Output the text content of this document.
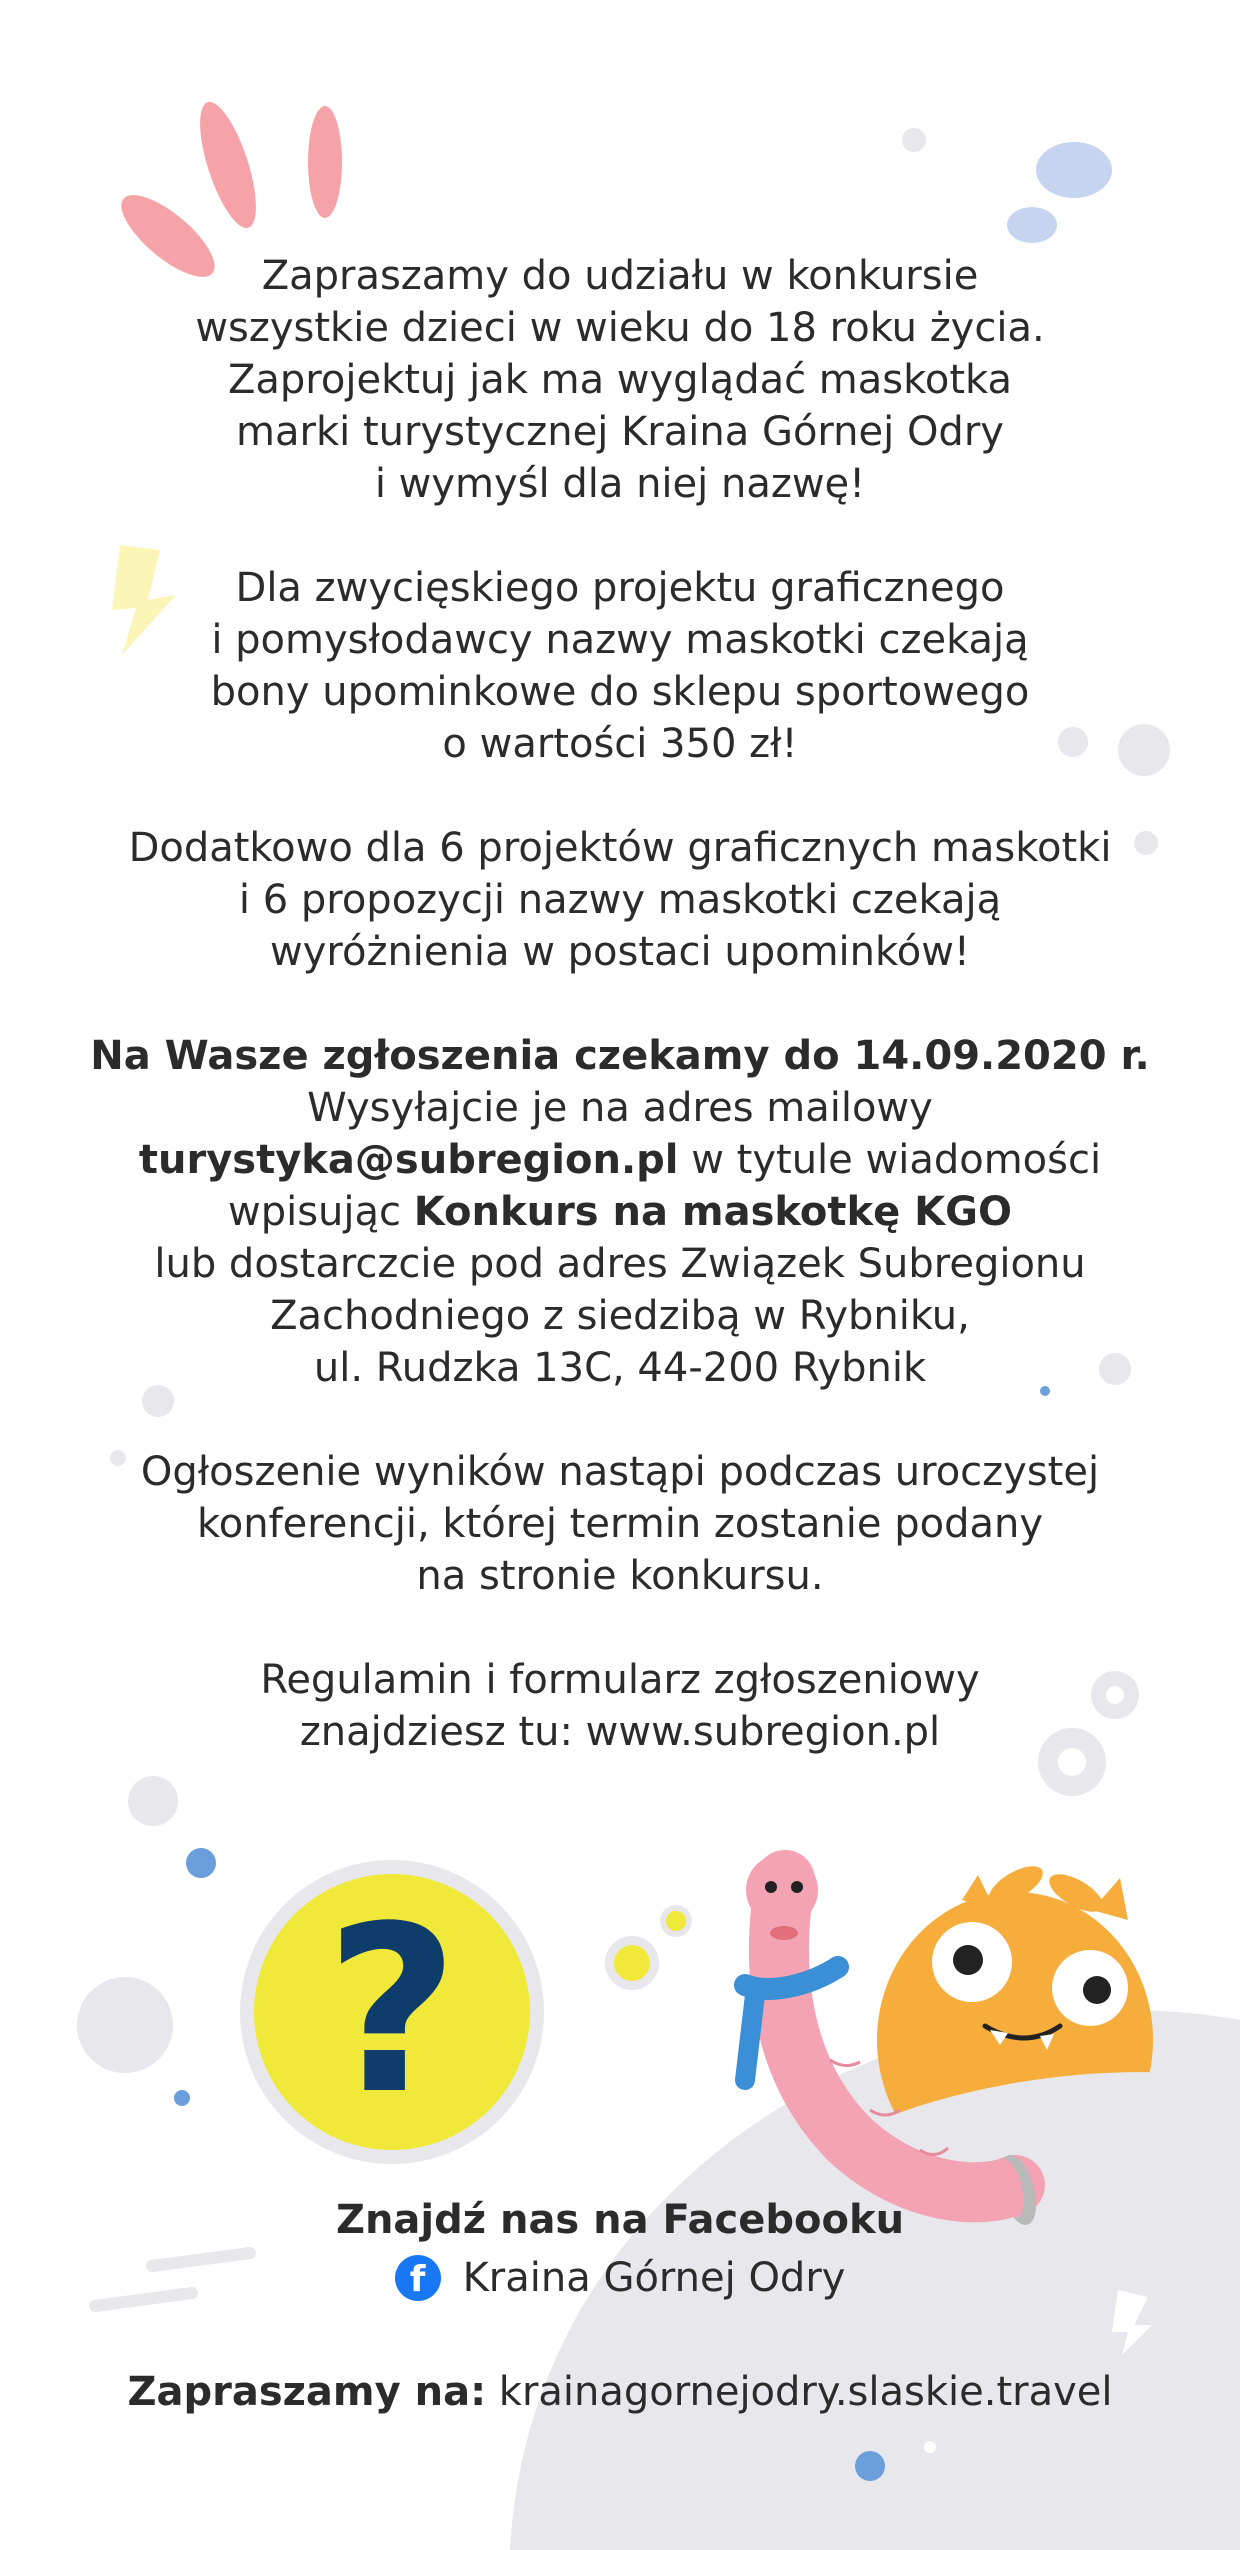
?

Zapraszamy do udziału w konkursie

wszystkie dzieci w wieku do 18 roku życia.

Zaprojektuj jak ma wyglądać maskotka

marki turystycznej Kraina Górnej Odry

i wymyśl dla niej nazwę!

Dla zwycięskiego projektu graficznego

i pomysłodawcy nazwy maskotki czekają

bony upominkowe do sklepu sportowego

o wartości 350 zł!

Dodatkowo dla 6 projektów graficznych maskotki

i 6 propozycji nazwy maskotki czekają

wyróżnienia w postaci upominków!

Na Wasze zgłoszenia czekamy do 14.09.2020 r.

Wysyłajcie je na adres mailowy

turystyka@subregion.pl w tytule wiadomości

wpisując Konkurs na maskotkę KGO

lub dostarczcie pod adres Związek Subregionu

Zachodniego z siedzibą w Rybniku,

ul. Rudzka 13C, 44-200 Rybnik

Ogłoszenie wyników nastąpi podczas uroczystej

konferencji, której termin zostanie podany

na stronie konkursu.

Regulamin i formularz zgłoszeniowy

znajdziesz tu: www.subregion.pl

Znajdź nas na Facebooku

f Kraina Górnej Odry

Zapraszamy na: krainagornejodry.slaskie.travel
